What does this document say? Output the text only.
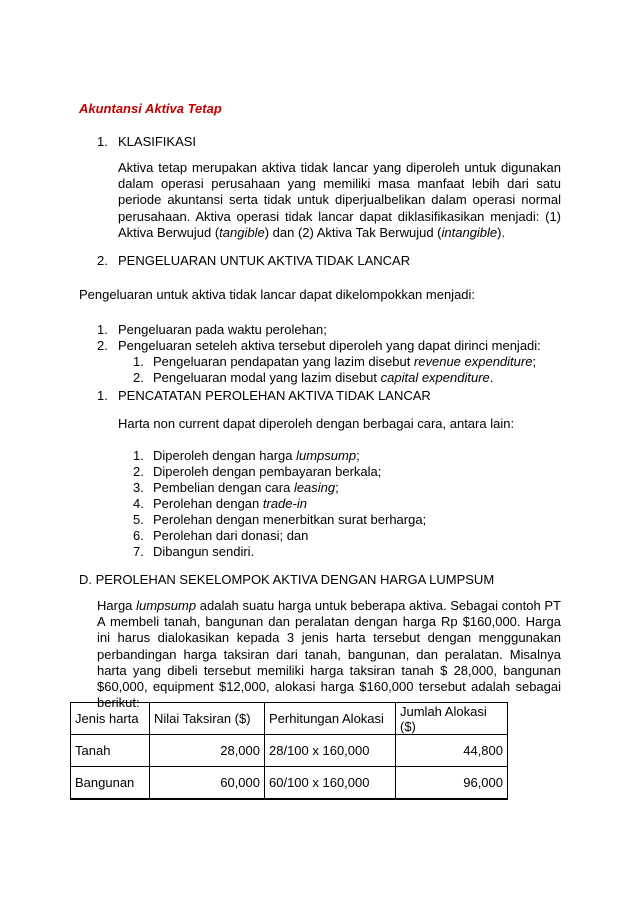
Akuntansi Aktiva Tetap
1. KLASIFIKASI
Aktiva tetap merupakan aktiva tidak lancar yang diperoleh untuk digunakan dalam operasi perusahaan yang memiliki masa manfaat lebih dari satu periode akuntansi serta tidak untuk diperjualbelikan dalam operasi normal perusahaan. Aktiva operasi tidak lancar dapat diklasifikasikan menjadi: (1) Aktiva Berwujud (tangible) dan (2) Aktiva Tak Berwujud (intangible).
2. PENGELUARAN UNTUK AKTIVA TIDAK LANCAR
Pengeluaran untuk aktiva tidak lancar dapat dikelompokkan menjadi:
1. Pengeluaran pada waktu perolehan;
2. Pengeluaran seteleh aktiva tersebut diperoleh yang dapat dirinci menjadi:
1. Pengeluaran pendapatan yang lazim disebut revenue expenditure;
2. Pengeluaran modal yang lazim disebut capital expenditure.
1. PENCATATAN PEROLEHAN AKTIVA TIDAK LANCAR
Harta non current dapat diperoleh dengan berbagai cara, antara lain:
1. Diperoleh dengan harga lumpsump;
2. Diperoleh dengan pembayaran berkala;
3. Pembelian dengan cara leasing;
4. Perolehan dengan trade-in
5. Perolehan dengan menerbitkan surat berharga;
6. Perolehan dari donasi; dan
7. Dibangun sendiri.
D. PEROLEHAN SEKELOMPOK AKTIVA DENGAN HARGA LUMPSUM
Harga lumpsump adalah suatu harga untuk beberapa aktiva. Sebagai contoh PT A membeli tanah, bangunan dan peralatan dengan harga Rp $160,000. Harga ini harus dialokasikan kepada 3 jenis harta tersebut dengan menggunakan perbandingan harga taksiran dari tanah, bangunan, dan peralatan. Misalnya harta yang dibeli tersebut memiliki harga taksiran tanah $ 28,000, bangunan $60,000, equipment $12,000, alokasi harga $160,000 tersebut adalah sebagai berikut:
Jenis harta	Nilai Taksiran ($)	Perhitungan Alokasi	Jumlah Alokasi ($)
Tanah	28,000	28/100 x 160,000	44,800
Bangunan	60,000	60/100 x 160,000	96,000
